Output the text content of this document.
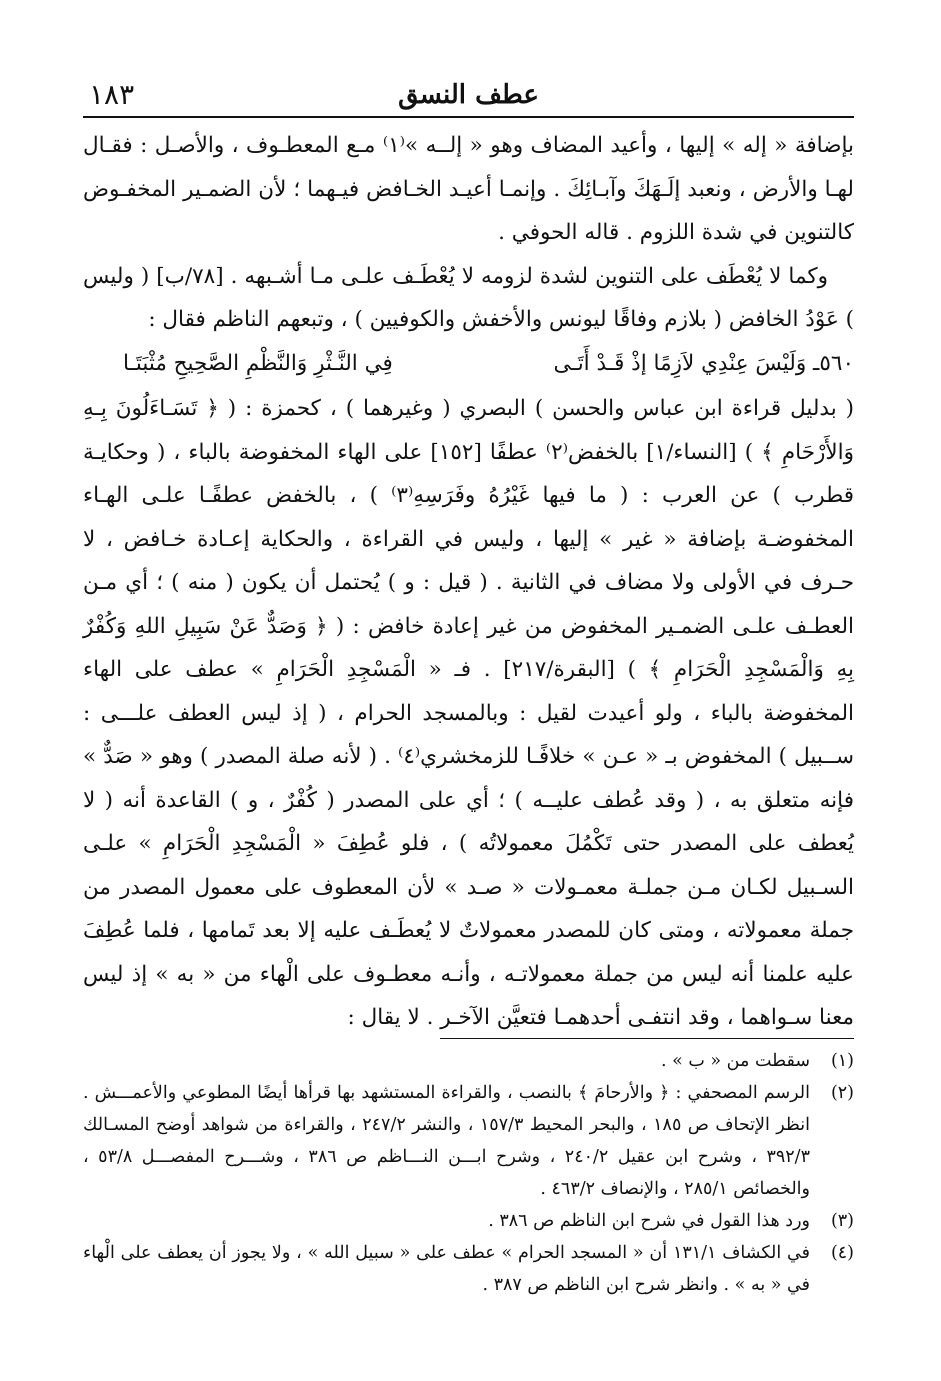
١٨٣	عطف النسق

بإضافة « إله » إليها ، وأعيد المضاف وهو « إلــه »⁽١⁾ مـع المعطـوف ، والأصـل : فقـال لهـا والأرض ، ونعبد إلَـهَكَ وآبـائِكَ . وإنمـا أعيـد الخـافض فيـهما ؛ لأن الضمـير المخفـوض كالتنوين في شدة اللزوم . قاله الحوفي .

وكما لا يُعْطَف على التنوين لشدة لزومه لا يُعْطَـف علـى مـا أشـبهه . [٧٨/ب] ( وليس ) عَوْدُ الخافض ( بلازم وفاقًا ليونس والأخفش والكوفيين ) ، وتبعهم الناظم فقال :

٥٦٠ـ وَلَيْسَ عِنْدِي لاَزِمًا إذْ قَـدْ أَتَـى
فِي النَّـثْرِ وَالنَّظْمِ الصَّحِيحِ مُثْبَتَـا

( بدليل قراءة ابن عباس والحسن ) البصري ( وغيرهما ) ، كحمزة : ( ﴿ تَسَـاءَلُونَ بِـهِ وَالأَرْحَامِ ﴾ ) [النساء/١] بالخفض⁽٢⁾ عطفًا [١٥٢] على الهاء المخفوضة بالباء ، ( وحكايـة قطرب ) عن العرب : ( ما فيها غَيْرُهُ وفَرَسِهِ⁽٣⁾ ) ، بالخفض عطفًـا علـى الهـاء المخفوضـة بإضافة « غير » إليها ، وليس في القراءة ، والحكاية إعـادة خـافض ، لا حـرف في الأولى ولا مضاف في الثانية . ( قيل : و ) يُحتمل أن يكون ( منه ) ؛ أي مـن العطـف علـى الضمـير المخفوض من غير إعادة خافض : ( ﴿ وَصَدٌّ عَنْ سَبِيلِ اللهِ وَكُفْرٌ بِهِ وَالْمَسْجِدِ الْحَرَامِ ﴾ ) [البقرة/٢١٧] . فـ « الْمَسْجِدِ الْحَرَامِ » عطف على الهاء المخفوضة بالباء ، ولو أعيدت لقيل : وبالمسجد الحرام ، ( إذ ليس العطف علـــى : ســبيل ) المخفوض بـ « عـن » خلافًـا للزمخشري⁽٤⁾ . ( لأنه صلة المصدر ) وهو « صَدٌّ » فإنه متعلق به ، ( وقد عُطف عليــه ) ؛ أي على المصدر ( كُفْرٌ ، و ) القاعدة أنه ( لا يُعطف على المصدر حتى تَكْمُلَ معمولاتُه ) ، فلو عُطِفَ « الْمَسْجِدِ الْحَرَامِ » علـى السـبيل لكـان مـن جملـة معمـولات « صـد » لأن المعطوف على معمول المصدر من جملة معمولاته ، ومتى كان للمصدر معمولاتٌ لا يُعطَـف عليه إلا بعد تَمامها ، فلما عُطِفَ عليه علمنا أنه ليس من جملة معمولاتـه ، وأنـه معطـوف على الْهاء من « به » إذ ليس معنا سـواهما ، وقد انتفـى أحدهمـا فتعيَّن الآخـر . لا يقال :

(١)
سقطت من « ب » .
(٢)
الرسم المصحفي : ﴿ والأرحامَ ﴾ بالنصب ، والقراءة المستشهد بها قرأها أيضًا المطوعي والأعمـــش . انظر الإتحاف ص ١٨٥ ، والبحر المحيط ١٥٧/٣ ، والنشر ٢٤٧/٢ ، والقراءة من شواهد أوضح المسـالك ٣٩٢/٣ ، وشرح ابن عقيل ٢٤٠/٢ ، وشرح ابـــن النـــاظم ص ٣٨٦ ، وشـــرح المفصـــل ٥٣/٨ ، والخصائص ٢٨٥/١ ، والإنصاف ٤٦٣/٢ .
(٣)
ورد هذا القول في شرح ابن الناظم ص ٣٨٦ .
(٤)
في الكشاف ١٣١/١ أن « المسجد الحرام » عطف على « سبيل الله » ، ولا يجوز أن يعطف على الْهاء في « به » . وانظر شرح ابن الناظم ص ٣٨٧ .
